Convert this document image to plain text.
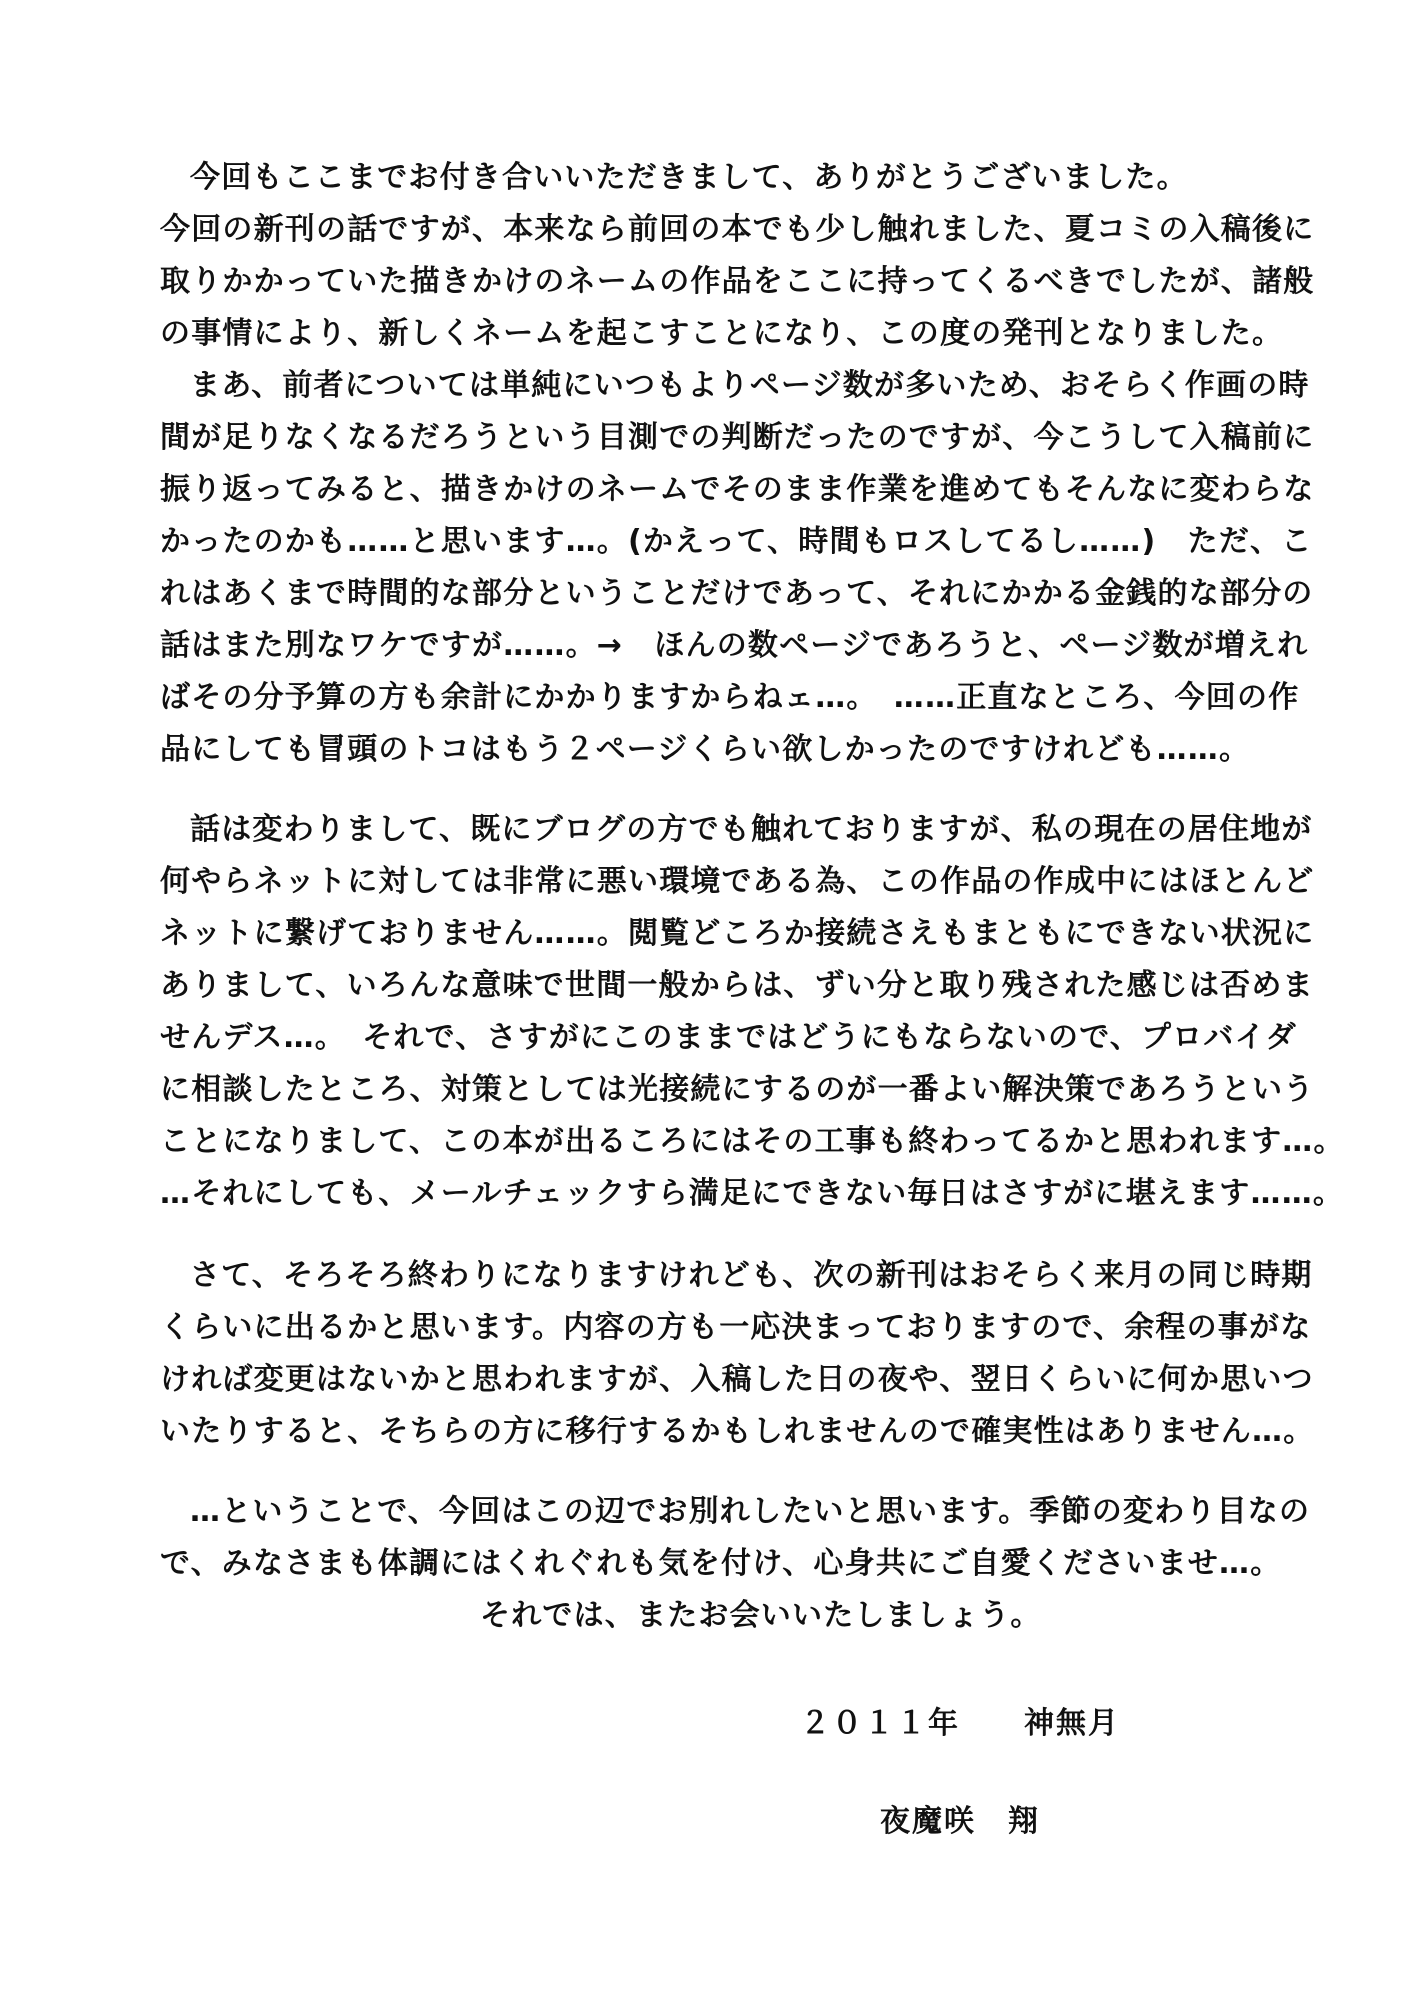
今回もここまでお付き合いいただきまして、ありがとうございました。
今回の新刊の話ですが、本来なら前回の本でも少し触れました、夏コミの入稿後に
取りかかっていた描きかけのネームの作品をここに持ってくるべきでしたが、諸般
の事情により、新しくネームを起こすことになり、この度の発刊となりました。
まあ、前者については単純にいつもよりページ数が多いため、おそらく作画の時
間が足りなくなるだろうという目測での判断だったのですが、今こうして入稿前に
振り返ってみると、描きかけのネームでそのまま作業を進めてもそんなに変わらな
かったのかも……と思います…。(かえって、時間もロスしてるし……)　ただ、こ
れはあくまで時間的な部分ということだけであって、それにかかる金銭的な部分の
話はまた別なワケですが……。→　ほんの数ページであろうと、ページ数が増えれ
ばその分予算の方も余計にかかりますからねェ…。　……正直なところ、今回の作
品にしても冒頭のトコはもう２ページくらい欲しかったのですけれども……。
話は変わりまして、既にブログの方でも触れておりますが、私の現在の居住地が
何やらネットに対しては非常に悪い環境である為、この作品の作成中にはほとんど
ネットに繋げておりません……。閲覧どころか接続さえもまともにできない状況に
ありまして、いろんな意味で世間一般からは、ずい分と取り残された感じは否めま
せんデス…。　それで、さすがにこのままではどうにもならないので、プロバイダ
に相談したところ、対策としては光接続にするのが一番よい解決策であろうという
ことになりまして、この本が出るころにはその工事も終わってるかと思われます…。
…それにしても、メールチェックすら満足にできない毎日はさすがに堪えます……。
さて、そろそろ終わりになりますけれども、次の新刊はおそらく来月の同じ時期
くらいに出るかと思います。内容の方も一応決まっておりますので、余程の事がな
ければ変更はないかと思われますが、入稿した日の夜や、翌日くらいに何か思いつ
いたりすると、そちらの方に移行するかもしれませんので確実性はありません…。
…ということで、今回はこの辺でお別れしたいと思います。季節の変わり目なの
で、みなさまも体調にはくれぐれも気を付け、心身共にご自愛くださいませ…。
それでは、またお会いいたしましょう。
２０１１年　　神無月
夜魔咲　翔
